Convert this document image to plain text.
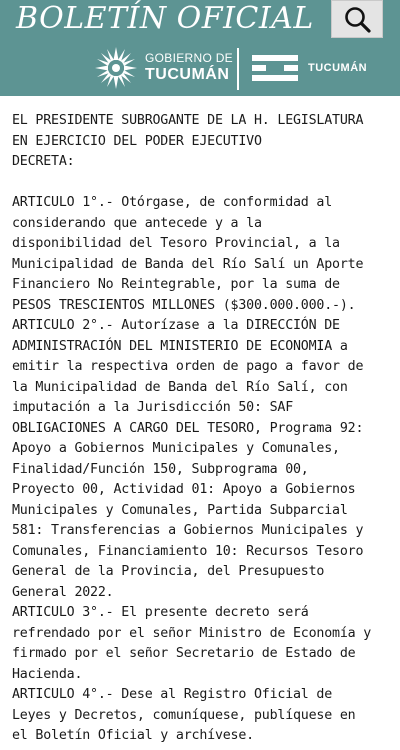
BOLETÍN OFICIAL
GOBIERNO DE
TUCUMÁN	TUCUMÁN
EL PRESIDENTE SUBROGANTE DE LA H. LEGISLATURA
EN EJERCICIO DEL PODER EJECUTIVO
DECRETA:
ARTICULO 1°.- Otórgase, de conformidad al
considerando que antecede y a la
disponibilidad del Tesoro Provincial, a la
Municipalidad de Banda del Río Salí un Aporte
Financiero No Reintegrable, por la suma de
PESOS TRESCIENTOS MILLONES ($300.000.000.-).
ARTICULO 2°.- Autorízase a la DIRECCIÓN DE
ADMINISTRACIÓN DEL MINISTERIO DE ECONOMIA a
emitir la respectiva orden de pago a favor de
la Municipalidad de Banda del Río Salí, con
imputación a la Jurisdicción 50: SAF
OBLIGACIONES A CARGO DEL TESORO, Programa 92:
Apoyo a Gobiernos Municipales y Comunales,
Finalidad/Función 150, Subprograma 00,
Proyecto 00, Actividad 01: Apoyo a Gobiernos
Municipales y Comunales, Partida Subparcial
581: Transferencias a Gobiernos Municipales y
Comunales, Financiamiento 10: Recursos Tesoro
General de la Provincia, del Presupuesto
General 2022.
ARTICULO 3°.- El presente decreto será
refrendado por el señor Ministro de Economía y
firmado por el señor Secretario de Estado de
Hacienda.
ARTICULO 4°.- Dese al Registro Oficial de
Leyes y Decretos, comuníquese, publíquese en
el Boletín Oficial y archívese.
